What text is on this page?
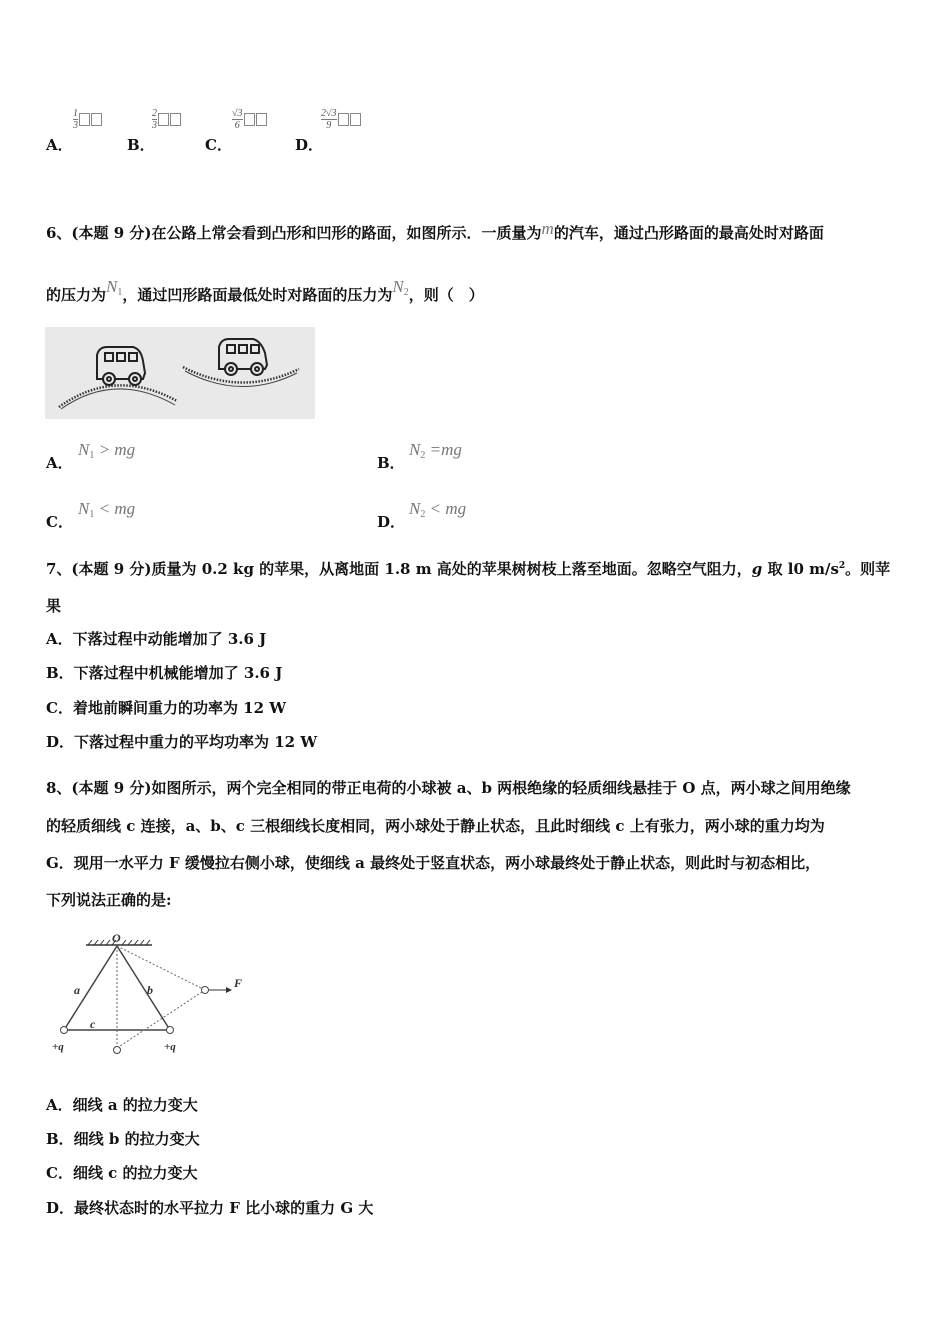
A．
$\frac{1}{3}$
B．
$\frac{2}{3}$
C．
$\frac{√3}{6}$
D．
$\frac{2√3}{9}$
6、(本题 9 分)在公路上常会看到凸形和凹形的路面，如图所示．一质量为m的汽车，通过凸形路面的最高处时对路面
的压力为$N_1$，通过凹形路面最低处时对路面的压力为$N_2$，则（　）
A．
$N_1$ > mg
B．
$N_2 =mg$
C．
$N_1$ < mg
D．
$N_2$ < mg
7、(本题 9 分)质量为 0.2 kg 的苹果，从离地面 1.8 m 高处的苹果树树枝上落至地面。忽略空气阻力，g 取 l0 $m/s^2$。则苹
果
A．下落过程中动能增加了 3.6 J
B．下落过程中机械能增加了 3.6 J
C．着地前瞬间重力的功率为 12 W
D．下落过程中重力的平均功率为 12 W
8、(本题 9 分)如图所示，两个完全相同的带正电荷的小球被 a、b 两根绝缘的轻质细线悬挂于 O 点，两小球之间用绝缘
的轻质细线 c 连接，a、b、c 三根细线长度相同，两小球处于静止状态，且此时细线 c 上有张力，两小球的重力均为
G．现用一水平力 F 缓慢拉右侧小球，使细线 a 最终处于竖直状态，两小球最终处于静止状态，则此时与初态相比，
下列说法正确的是:
O
F
a	b
c
+q	+q
A．细线 a 的拉力变大
B．细线 b 的拉力变大
C．细线 c 的拉力变大
D．最终状态时的水平拉力 F 比小球的重力 G 大
